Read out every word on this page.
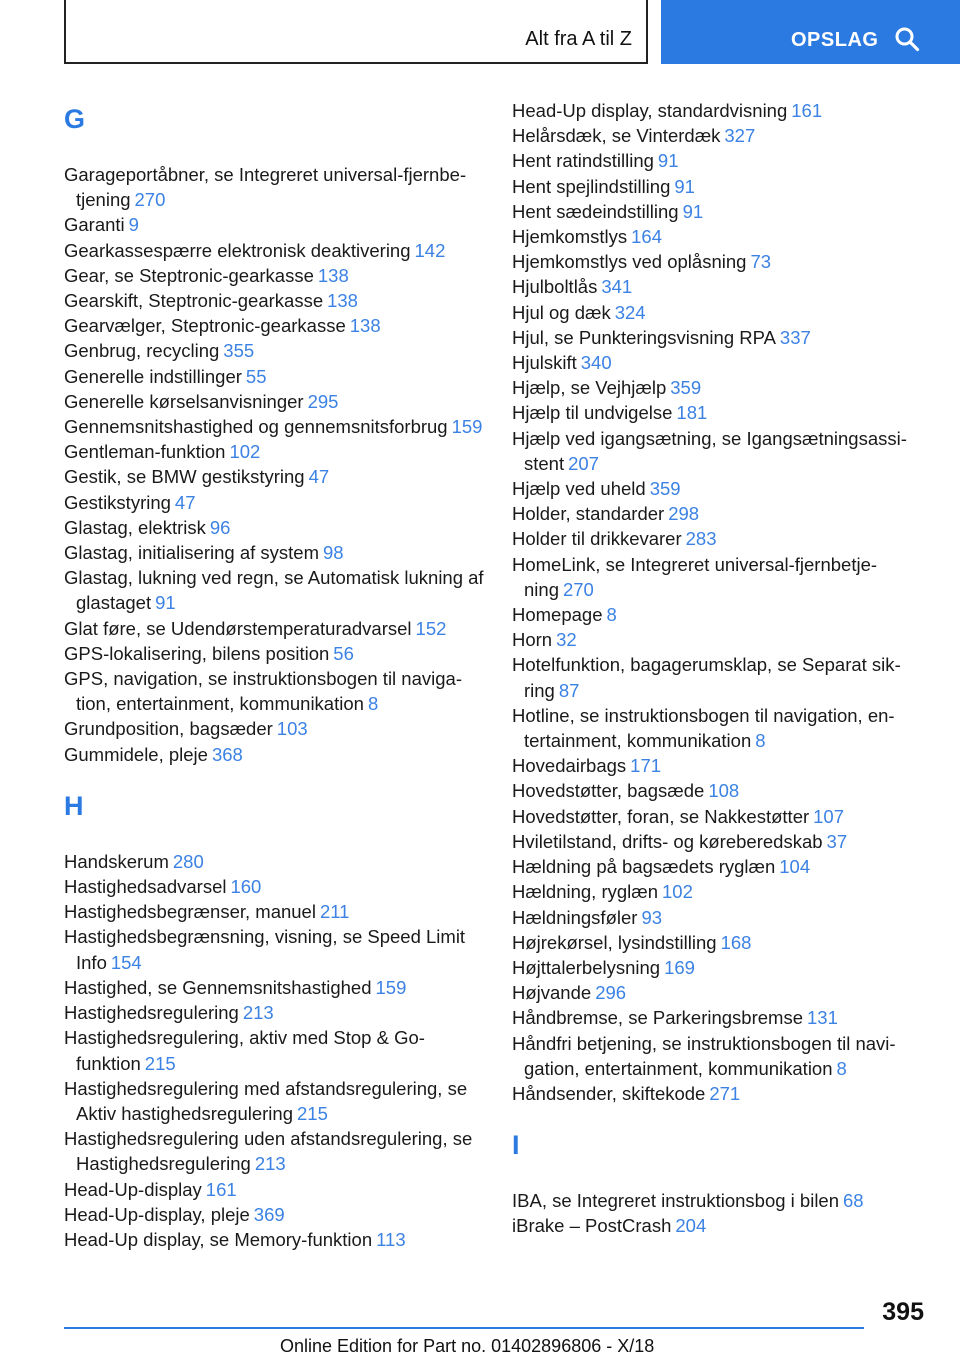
Alt fra A til Z	OPSLAG
G
Garageportåbner, se Integreret universal-fjernbetjening 270
Garanti 9
Gearkassespærre elektronisk deaktivering 142
Gear, se Steptronic-gearkasse 138
Gearskift, Steptronic-gearkasse 138
Gearvælger, Steptronic-gearkasse 138
Genbrug, recycling 355
Generelle indstillinger 55
Generelle kørselsanvisninger 295
Gennemsnitshastighed og gennemsnitsforbrug 159
Gentleman-funktion 102
Gestik, se BMW gestikstyring 47
Gestikstyring 47
Glastag, elektrisk 96
Glastag, initialisering af system 98
Glastag, lukning ved regn, se Automatisk lukning af glastaget 91
Glat føre, se Udendørstemperaturadvarsel 152
GPS-lokalisering, bilens position 56
GPS, navigation, se instruktionsbogen til navigation, entertainment, kommunikation 8
Grundposition, bagsæder 103
Gummidele, pleje 368
H
Handskerum 280
Hastighedsadvarsel 160
Hastighedsbegrænser, manuel 211
Hastighedsbegrænsning, visning, se Speed Limit Info 154
Hastighed, se Gennemsnitshastighed 159
Hastighedsregulering 213
Hastighedsregulering, aktiv med Stop & Go-funktion 215
Hastighedsregulering med afstandsregulering, se Aktiv hastighedsregulering 215
Hastighedsregulering uden afstandsregulering, se Hastighedsregulering 213
Head-Up-display 161
Head-Up-display, pleje 369
Head-Up display, se Memory-funktion 113
Head-Up display, standardvisning 161
Helårsdæk, se Vinterdæk 327
Hent ratindstilling 91
Hent spejlindstilling 91
Hent sædeindstilling 91
Hjemkomstlys 164
Hjemkomstlys ved oplåsning 73
Hjulboltlås 341
Hjul og dæk 324
Hjul, se Punkteringsvisning RPA 337
Hjulskift 340
Hjælp, se Vejhjælp 359
Hjælp til undvigelse 181
Hjælp ved igangsætning, se Igangsætningsassistent 207
Hjælp ved uheld 359
Holder, standarder 298
Holder til drikkevarer 283
HomeLink, se Integreret universal-fjernbetjening 270
Homepage 8
Horn 32
Hotelfunktion, bagagerumsklap, se Separat sikring 87
Hotline, se instruktionsbogen til navigation, entertainment, kommunikation 8
Hovedairbags 171
Hovedstøtter, bagsæde 108
Hovedstøtter, foran, se Nakkestøtter 107
Hviletilstand, drifts- og køreberedskab 37
Hældning på bagsædets ryglæn 104
Hældning, ryglæn 102
Hældningsføler 93
Højrekørsel, lysindstilling 168
Højttalerbelysning 169
Højvande 296
Håndbremse, se Parkeringsbremse 131
Håndfri betjening, se instruktionsbogen til navigation, entertainment, kommunikation 8
Håndsender, skiftekode 271
I
IBA, se Integreret instruktionsbog i bilen 68
iBrake – PostCrash 204
395
Online Edition for Part no. 01402896806 - X/18
